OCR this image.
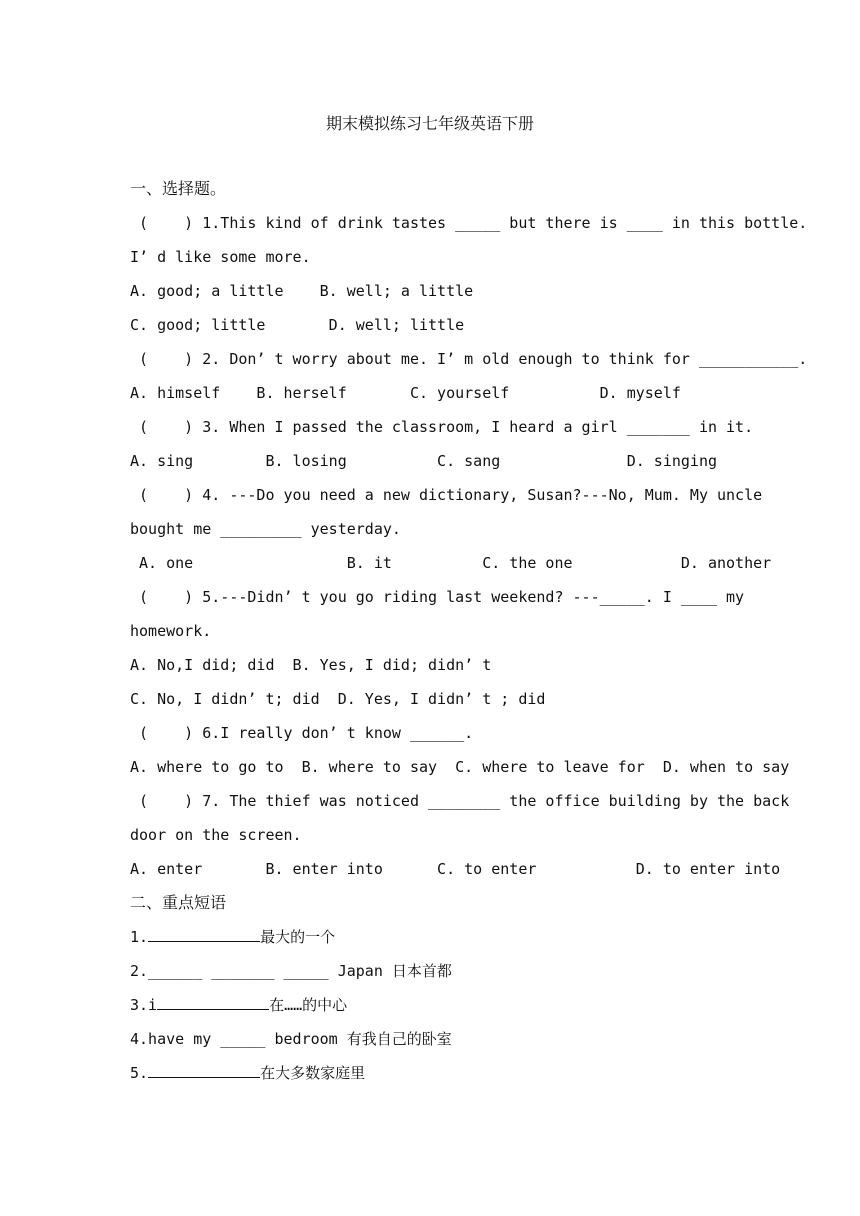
期末模拟练习七年级英语下册
一、选择题。
(    ) 1.This kind of drink tastes _____ but there is ____ in this bottle.
I’ d like some more.
A. good; a little    B. well; a little
C. good; little       D. well; little
(    ) 2. Don’ t worry about me. I’ m old enough to think for ___________.
A. himself    B. herself       C. yourself          D. myself
(    ) 3. When I passed the classroom, I heard a girl _______ in it.
A. sing        B. losing          C. sang              D. singing
(    ) 4. ---Do you need a new dictionary, Susan?---No, Mum. My uncle
bought me _________ yesterday.
A. one                 B. it          C. the one            D. another
(    ) 5.---Didn’ t you go riding last weekend? ---_____. I ____ my
homework.
A. No,I did; did  B. Yes, I did; didn’ t
C. No, I didn’ t; did  D. Yes, I didn’ t ; did
(    ) 6.I really don’ t know ______.
A. where to go to  B. where to say  C. where to leave for  D. when to say
(    ) 7. The thief was noticed ________ the office building by the back
door on the screen.
A. enter       B. enter into      C. to enter           D. to enter into
二、重点短语
1.	最大的一个
2.______ _______ _____ Japan 日本首都
3.i	在……的中心
4.have my _____ bedroom 有我自己的卧室
5.	在大多数家庭里
